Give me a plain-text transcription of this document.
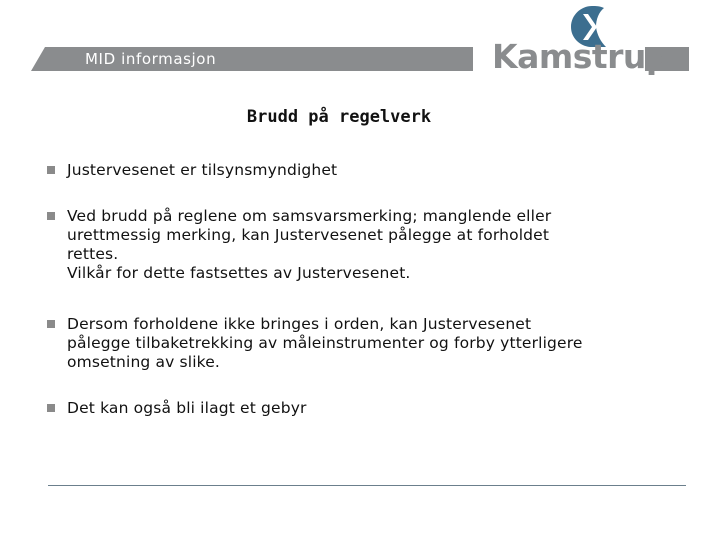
MID informasjon	Kamstrup
Brudd på regelverk
Justervesenet er tilsynsmyndighet
Ved brudd på reglene om samsvarsmerking; manglende eller
urettmessig merking, kan Justervesenet pålegge at forholdet
rettes.
Vilkår for dette fastsettes av Justervesenet.
Dersom forholdene ikke bringes i orden, kan Justervesenet
pålegge tilbaketrekking av måleinstrumenter og forby ytterligere
omsetning av slike.
Det kan også bli ilagt et gebyr
